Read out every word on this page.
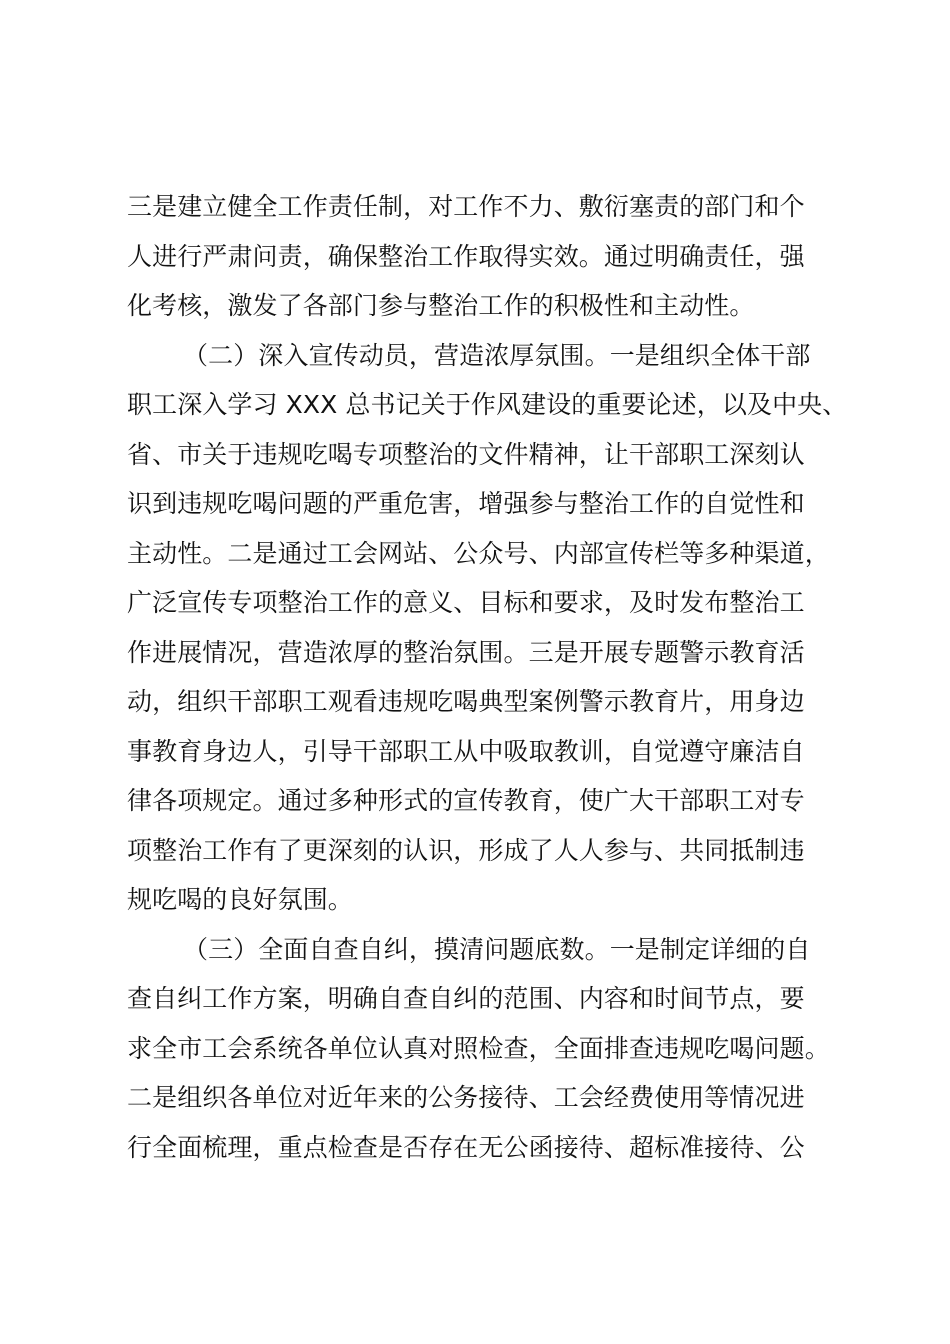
三是建立健全工作责任制，对工作不力、敷衍塞责的部门和个
人进行严肃问责，确保整治工作取得实效。通过明确责任，强
化考核，激发了各部门参与整治工作的积极性和主动性。
（二）深入宣传动员，营造浓厚氛围。一是组织全体干部
职工深入学习 XXX 总书记关于作风建设的重要论述，以及中央、
省、市关于违规吃喝专项整治的文件精神，让干部职工深刻认
识到违规吃喝问题的严重危害，增强参与整治工作的自觉性和
主动性。二是通过工会网站、公众号、内部宣传栏等多种渠道，
广泛宣传专项整治工作的意义、目标和要求，及时发布整治工
作进展情况，营造浓厚的整治氛围。三是开展专题警示教育活
动，组织干部职工观看违规吃喝典型案例警示教育片，用身边
事教育身边人，引导干部职工从中吸取教训，自觉遵守廉洁自
律各项规定。通过多种形式的宣传教育，使广大干部职工对专
项整治工作有了更深刻的认识，形成了人人参与、共同抵制违
规吃喝的良好氛围。
（三）全面自查自纠，摸清问题底数。一是制定详细的自
查自纠工作方案，明确自查自纠的范围、内容和时间节点，要
求全市工会系统各单位认真对照检查，全面排查违规吃喝问题。
二是组织各单位对近年来的公务接待、工会经费使用等情况进
行全面梳理，重点检查是否存在无公函接待、超标准接待、公
